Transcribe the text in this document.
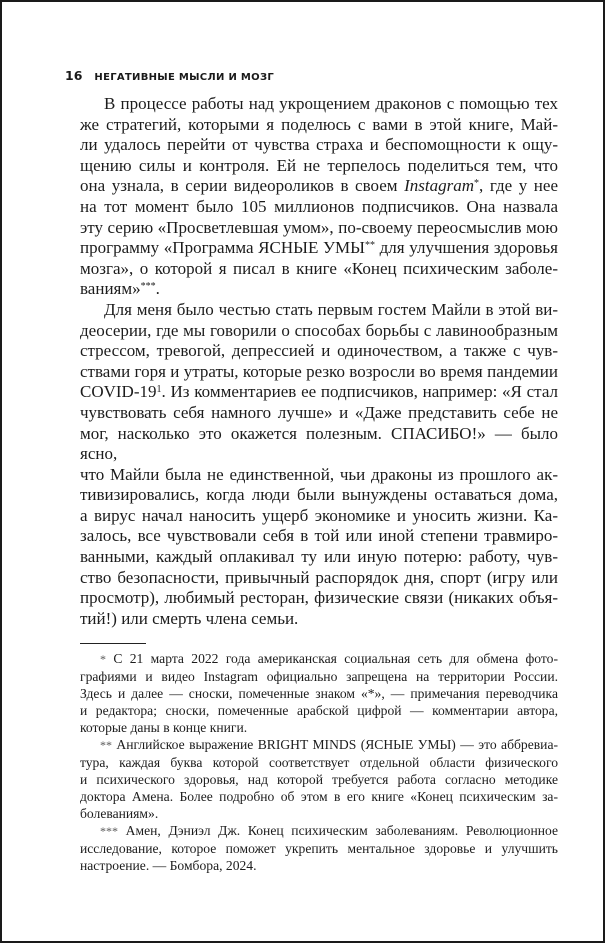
16 НЕГАТИВНЫЕ МЫСЛИ И МОЗГ

В процессе работы над укрощением драконов с помощью тех
же стратегий, которыми я поделюсь с вами в этой книге, Май-
ли удалось перейти от чувства страха и беспомощности к ощу-
щению силы и контроля. Ей не терпелось поделиться тем, что
она узнала, в серии видеороликов в своем Instagram*, где у нее
на тот момент было 105 миллионов подписчиков. Она назвала
эту серию «Просветлевшая умом», по-своему переосмыслив мою
программу «Программа ЯСНЫЕ УМЫ** для улучшения здоровья
мозга», о которой я писал в книге «Конец психическим заболе-
ваниям»***.

Для меня было честью стать первым гостем Майли в этой ви-
деосерии, где мы говорили о способах борьбы с лавинообразным
стрессом, тревогой, депрессией и одиночеством, а также с чув-
ствами горя и утраты, которые резко возросли во время пандемии
COVID-$19^1$. Из комментариев ее подписчиков, например: «Я стал
чувствовать себя намного лучше» и «Даже представить себе не
мог, насколько это окажется полезным. СПАСИБО!» — было ясно,
что Майли была не единственной, чьи драконы из прошлого ак-
тивизировались, когда люди были вынуждены оставаться дома,
а вирус начал наносить ущерб экономике и уносить жизни. Ка-
залось, все чувствовали себя в той или иной степени травмиро-
ванными, каждый оплакивал ту или иную потерю: работу, чув-
ство безопасности, привычный распорядок дня, спорт (игру или
просмотр), любимый ресторан, физические связи (никаких объя-
тий!) или смерть члена семьи.

* С 21 марта 2022 года американская социальная сеть для обмена фото-
графиями и видео Instagram официально запрещена на территории России.
Здесь и далее — сноски, помеченные знаком «*», — примечания переводчика
и редактора; сноски, помеченные арабской цифрой — комментарии автора,
которые даны в конце книги.
** Английское выражение BRIGHT MINDS (ЯСНЫЕ УМЫ) — это аббревиа-
тура, каждая буква которой соответствует отдельной области физического
и психического здоровья, над которой требуется работа согласно методике
доктора Амена. Более подробно об этом в его книге «Конец психическим за-
болеваниям».
*** Амен, Дэниэл Дж. Конец психическим заболеваниям. Революционное
исследование, которое поможет укрепить ментальное здоровье и улучшить
настроение. — Бомбора, 2024.
